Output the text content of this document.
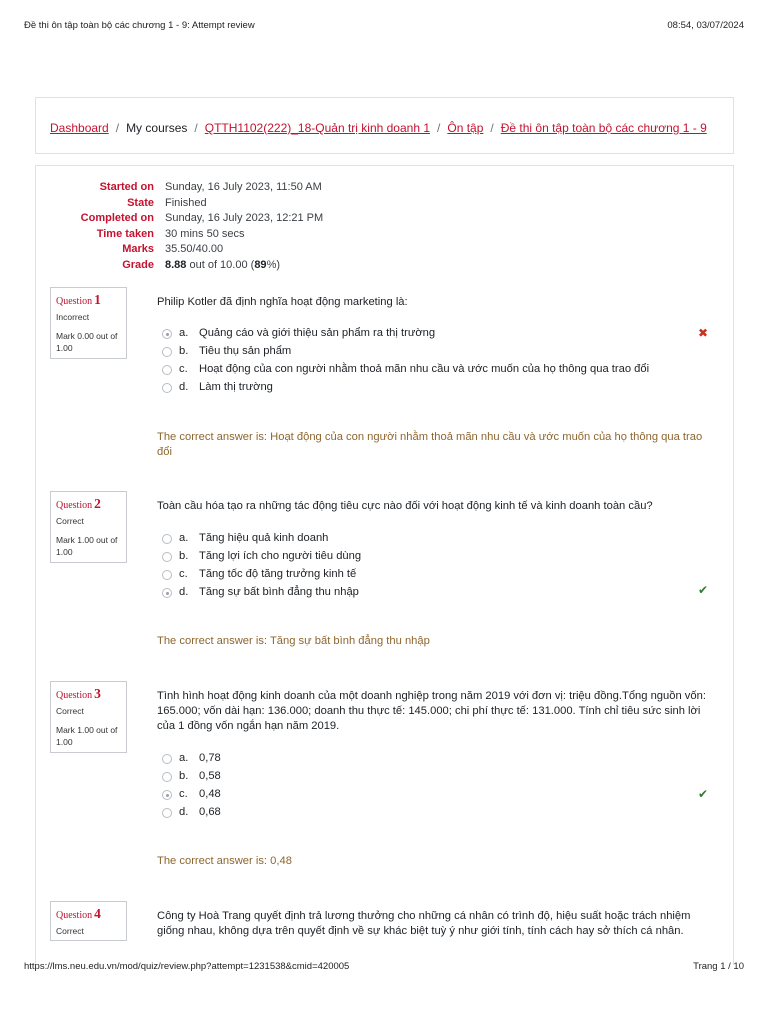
Đề thi ôn tập toàn bộ các chương 1 - 9: Attempt review	08:54, 03/07/2024
Dashboard / My courses / QTTH1102(222)_18-Quản trị kinh doanh 1 / Ôn tập / Đề thi ôn tập toàn bộ các chương 1 - 9
Started on Sunday, 16 July 2023, 11:50 AM
State Finished
Completed on Sunday, 16 July 2023, 12:21 PM
Time taken 30 mins 50 secs
Marks 35.50/40.00
Grade 8.88 out of 10.00 (89%)
Question 1
Incorrect
Mark 0.00 out of 1.00
Philip Kotler đã định nghĩa hoạt động marketing là:
a. Quảng cáo và giới thiệu sản phẩm ra thị trường
b. Tiêu thụ sản phẩm
c. Hoạt động của con người nhằm thoả mãn nhu cầu và ước muốn của họ thông qua trao đổi
d. Làm thị trường
✖
The correct answer is: Hoạt động của con người nhằm thoả mãn nhu cầu và ước muốn của họ thông qua trao đổi
Question 2
Correct
Mark 1.00 out of 1.00
Toàn cầu hóa tạo ra những tác động tiêu cực nào đối với hoạt động kinh tế và kinh doanh toàn cầu?
a. Tăng hiệu quả kinh doanh
b. Tăng lợi ích cho người tiêu dùng
c. Tăng tốc độ tăng trưởng kinh tế
d. Tăng sự bất bình đẳng thu nhập	✔
The correct answer is: Tăng sự bất bình đẳng thu nhập
Question 3
Correct
Mark 1.00 out of 1.00
Tình hình hoạt động kinh doanh của một doanh nghiệp trong năm 2019 với đơn vị: triệu đồng.Tổng nguồn vốn: 165.000; vốn dài hạn: 136.000; doanh thu thực tế: 145.000; chi phí thực tế: 131.000. Tính chỉ tiêu sức sinh lời của 1 đồng vốn ngắn hạn năm 2019.
a. 0,78
b. 0,58
c. 0,48
d. 0,68
✔
The correct answer is: 0,48
Question 4
Correct
Công ty Hoà Trang quyết định trả lương thưởng cho những cá nhân có trình độ, hiệu suất hoặc trách nhiệm giống nhau, không dựa trên quyết định về sự khác biệt tuỳ ý như giới tính, tính cách hay sở thích cá nhân.
https://lms.neu.edu.vn/mod/quiz/review.php?attempt=1231538&cmid=420005	Trang 1 / 10
